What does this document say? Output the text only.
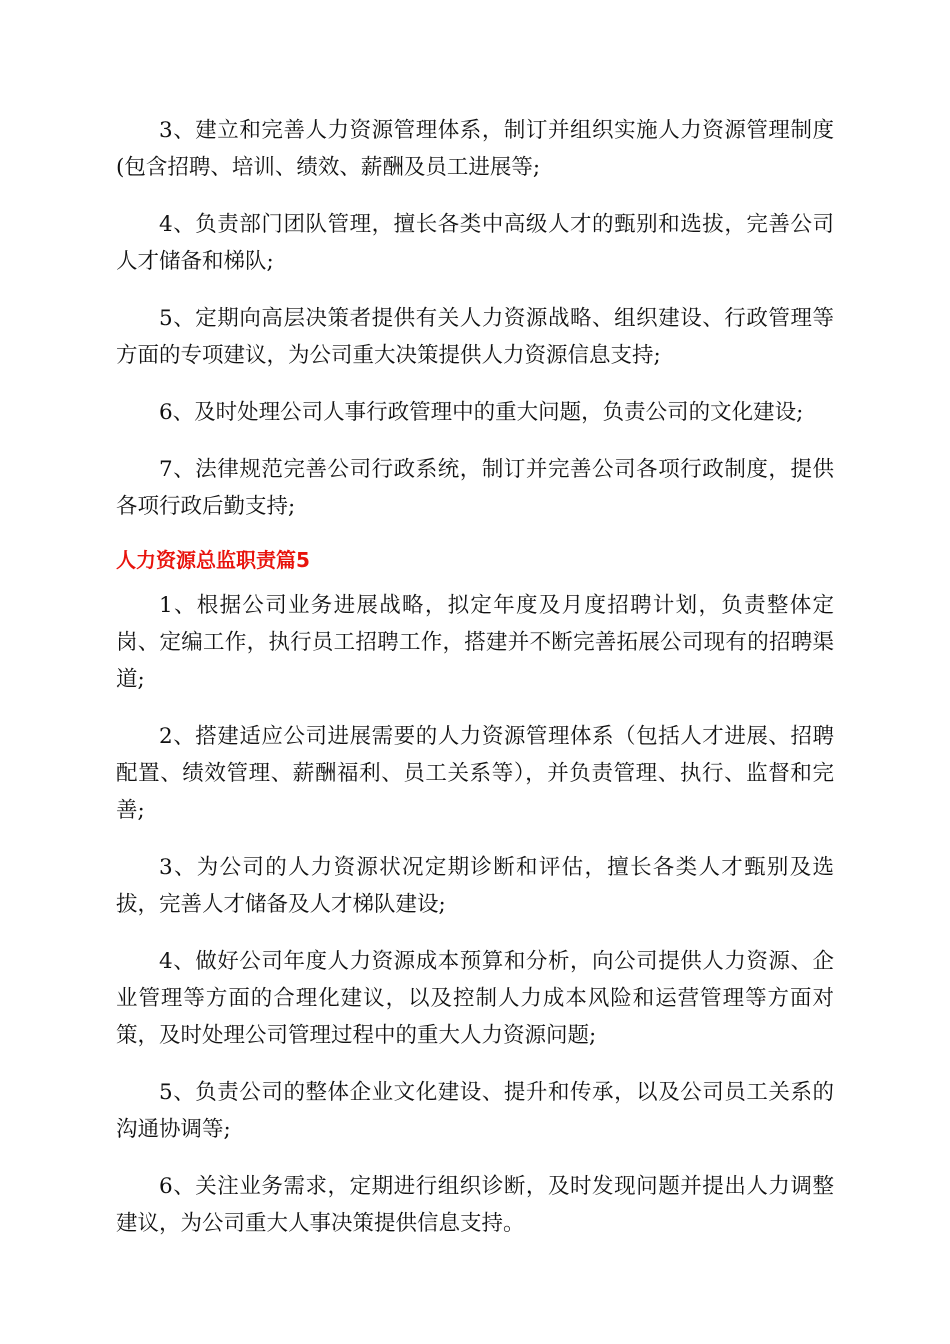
3、建立和完善人力资源管理体系，制订并组织实施人力资源管理制度(包含招聘、培训、绩效、薪酬及员工进展等;

4、负责部门团队管理，擅长各类中高级人才的甄别和选拔，完善公司人才储备和梯队;

5、定期向高层决策者提供有关人力资源战略、组织建设、行政管理等方面的专项建议，为公司重大决策提供人力资源信息支持;

6、及时处理公司人事行政管理中的重大问题，负责公司的文化建设;

7、法律规范完善公司行政系统，制订并完善公司各项行政制度，提供各项行政后勤支持;

人力资源总监职责篇5

1、根据公司业务进展战略，拟定年度及月度招聘计划，负责整体定岗、定编工作，执行员工招聘工作，搭建并不断完善拓展公司现有的招聘渠道;

2、搭建适应公司进展需要的人力资源管理体系（包括人才进展、招聘配置、绩效管理、薪酬福利、员工关系等），并负责管理、执行、监督和完善;

3、为公司的人力资源状况定期诊断和评估，擅长各类人才甄别及选拔，完善人才储备及人才梯队建设;

4、做好公司年度人力资源成本预算和分析，向公司提供人力资源、企业管理等方面的合理化建议，以及控制人力成本风险和运营管理等方面对策，及时处理公司管理过程中的重大人力资源问题;

5、负责公司的整体企业文化建设、提升和传承，以及公司员工关系的沟通协调等;

6、关注业务需求，定期进行组织诊断，及时发现问题并提出人力调整建议，为公司重大人事决策提供信息支持。
